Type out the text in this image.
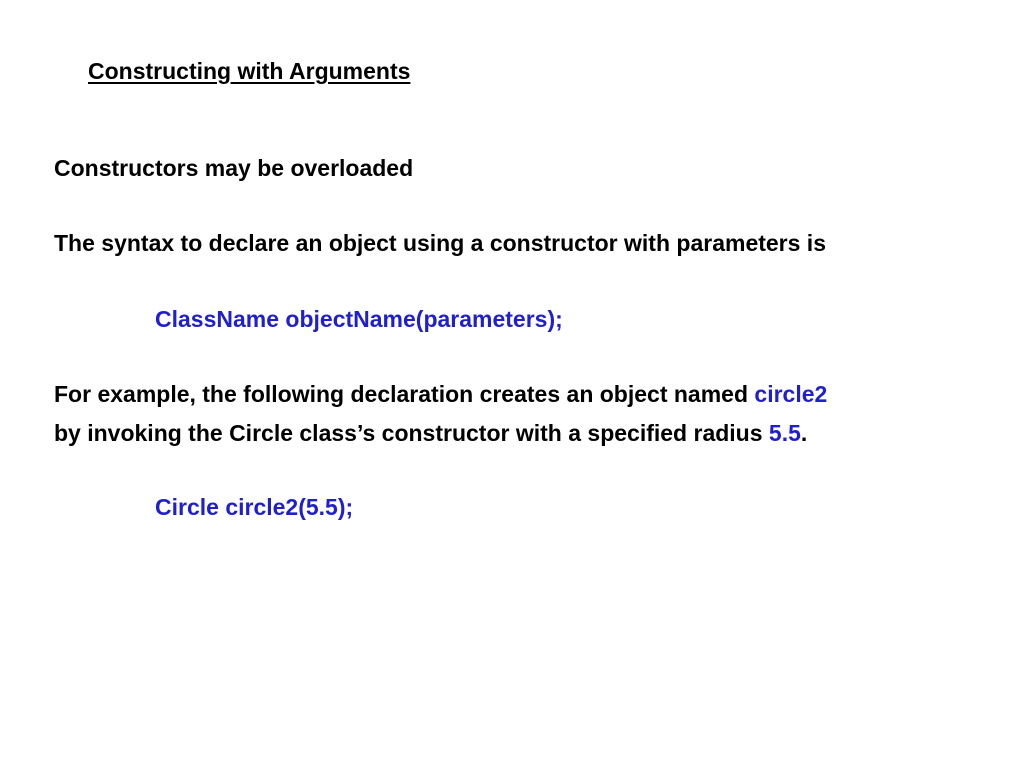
Constructing with Arguments
Constructors may be overloaded
The syntax to declare an object using a constructor with parameters is
ClassName objectName(parameters);
For example, the following declaration creates an object named circle2
by invoking the Circle class’s constructor with a specified radius 5.5.
Circle circle2(5.5);
